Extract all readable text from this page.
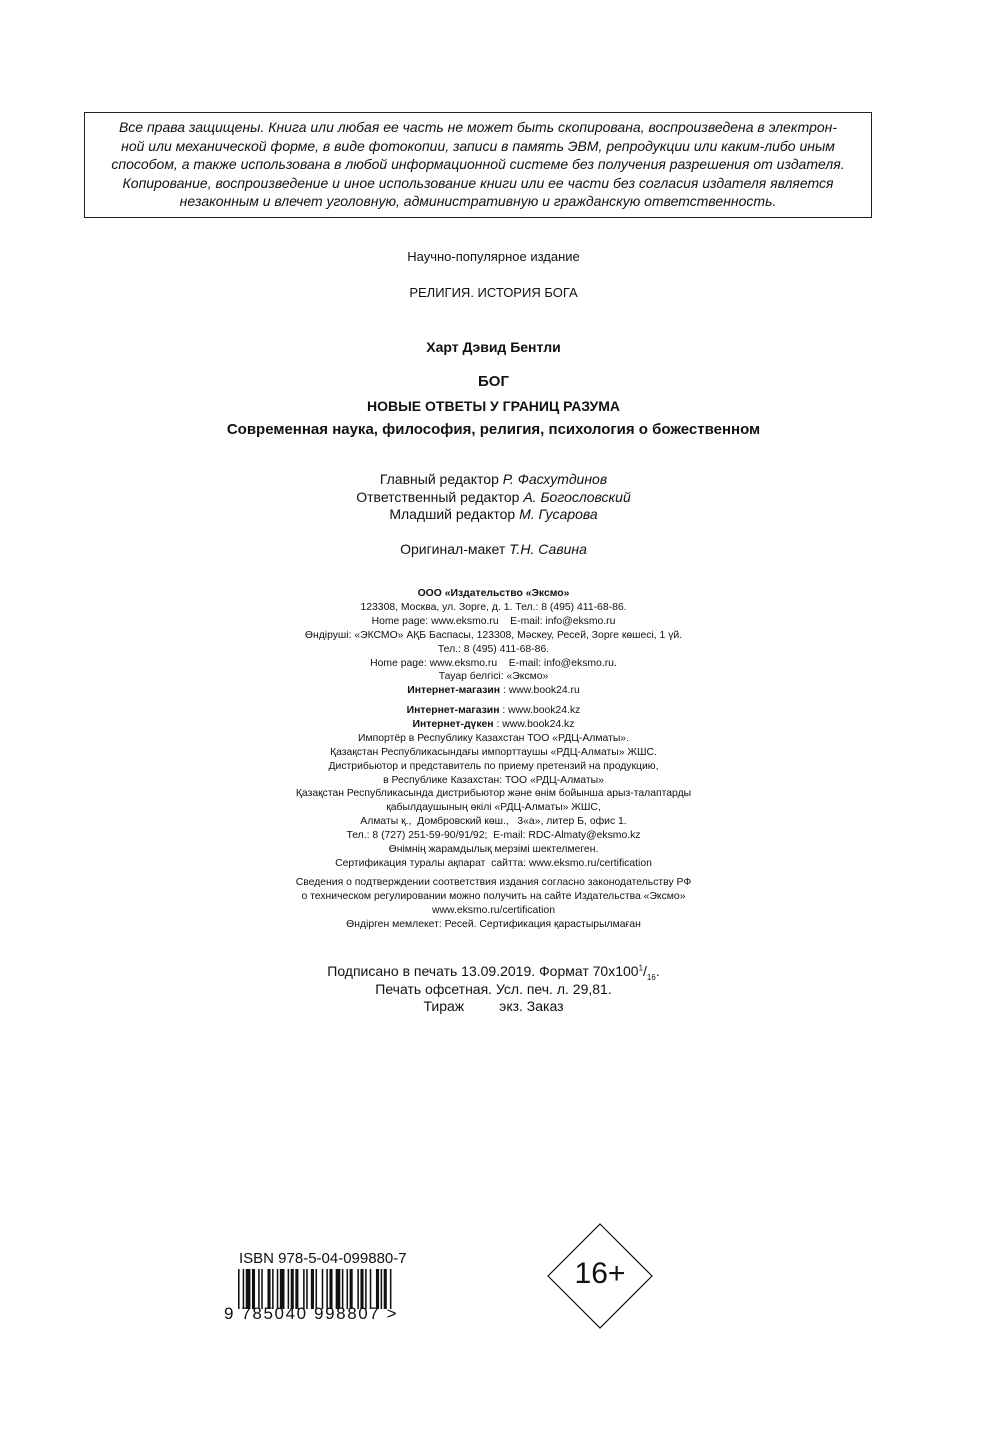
Все права защищены. Книга или любая ее часть не может быть скопирована, воспроизведена в электрон-

ной или механической форме, в виде фотокопии, записи в память ЭВМ, репродукции или каким-либо иным

способом, а также использована в любой информационной системе без получения разрешения от издателя.

Копирование, воспроизведение и иное использование книги или ее части без согласия издателя является

незаконным и влечет уголовную, административную и гражданскую ответственность.

Научно-популярное издание
РЕЛИГИЯ. ИСТОРИЯ БОГА
Харт Дэвид Бентли
БОГ
НОВЫЕ ОТВЕТЫ У ГРАНИЦ РАЗУМА
Современная наука, философия, религия, психология о божественном
Главный редактор Р. Фасхутдинов
Ответственный редактор А. Богословский
Младший редактор М. Гусарова
Оригинал-макет Т.Н. Савина
ООО «Издательство «Эксмо»
123308, Москва, ул. Зорге, д. 1. Тел.: 8 (495) 411-68-86.
Home page: www.eksmo.ru    E-mail: info@eksmo.ru
Өндіруші: «ЭКСМО» АҚБ Баспасы, 123308, Мәскеу, Ресей, Зорге көшесі, 1 үй.
Тел.: 8 (495) 411-68-86.
Home page: www.eksmo.ru    E-mail: info@eksmo.ru.
Тауар белгісі: «Эксмо»
Интернет-магазин : www.book24.ru
Интернет-магазин : www.book24.kz
Интернет-дүкен : www.book24.kz
Импортёр в Республику Казахстан ТОО «РДЦ-Алматы».
Қазақстан Республикасындағы импорттаушы «РДЦ-Алматы» ЖШС.
Дистрибьютор и представитель по приему претензий на продукцию,
в Республике Казахстан: ТОО «РДЦ-Алматы»
Қазақстан Республикасында дистрибьютор және өнім бойынша арыз-талаптарды
қабылдаушының өкілі «РДЦ-Алматы» ЖШС,
Алматы қ.,  Домбровский көш.,   3«а», литер Б, офис 1.
Тел.: 8 (727) 251-59-90/91/92;  E-mail: RDC-Almaty@eksmo.kz
Өнімнің жарамдылық мерзімі шектелмеген.
Сертификация туралы ақпарат  сайтта: www.eksmo.ru/certification
Сведения о подтверждении соответствия издания согласно законодательству РФ
о техническом регулировании можно получить на сайте Издательства «Эксмо»
www.eksmo.ru/certification
Өндірген мемлекет: Ресей. Сертификация қарастырылмаған
Подписано в печать 13.09.2019. Формат $70x100^1/_{16}$.
Печать офсетная. Усл. печ. л. 29,81.
Тираж         экз. Заказ
ISBN 978-5-04-099880-7
9 785040 998807 >
16+
